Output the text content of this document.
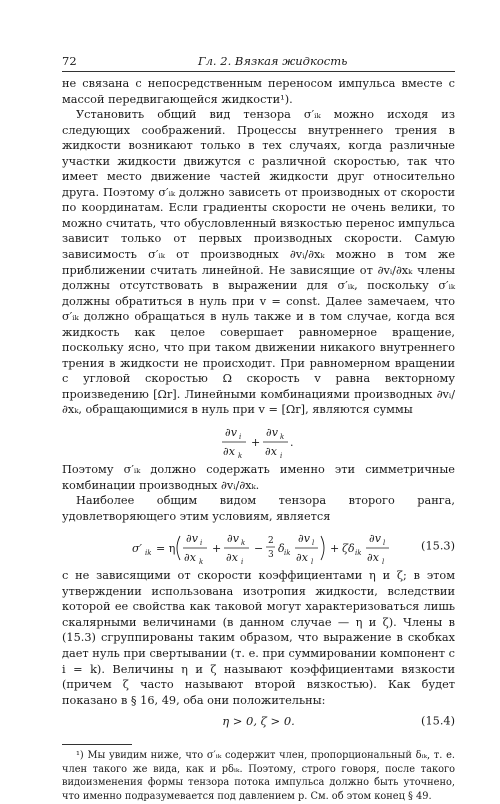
72	Гл. 2. Вязкая жидкость

не связана с непосредственным переносом импульса вместе с массой передвигающейся жидкости¹).

Установить общий вид тензора σ′ᵢₖ можно исходя из следующих соображений. Процессы внутреннего трения в жидкости возникают только в тех случаях, когда различные участки жидкости движутся с различной скоростью, так что имеет место движение частей жидкости друг относительно друга. Поэтому σ′ᵢₖ должно зависеть от производных от скорости по координатам. Если градиенты скорости не очень велики, то можно считать, что обусловленный вязкостью перенос импульса зависит только от первых производных скорости. Самую зависимость σ′ᵢₖ от производных ∂vᵢ/∂xₖ можно в том же приближении считать линейной. Не зависящие от ∂vᵢ/∂xₖ члены должны отсутствовать в выражении для σ′ᵢₖ, поскольку σ′ᵢₖ должны обратиться в нуль при v = const. Далее замечаем, что σ′ᵢₖ должно обращаться в нуль также и в том случае, когда вся жидкость как целое совершает равномерное вращение, поскольку ясно, что при таком движении никакого внутреннего трения в жидкости не происходит. При равномерном вращении с угловой скоростью Ω скорость v равна векторному произведению [Ωr]. Линейными комбинациями производных ∂vᵢ/∂xₖ, обращающимися в нуль при v = [Ωr], являются суммы

∂v i
∂x k
+
∂v k
∂x i
.

Поэтому σ′ᵢₖ должно содержать именно эти симметричные комбинации производных ∂vᵢ/∂xₖ.

Наиболее общим видом тензора второго ранга, удовлетворяющего этим условиям, является

σ′ ik = η
∂v i
∂x k
+
∂v k
∂x i
−
2
3 δ ik
∂v l
∂x l
+ ζδ ik
∂v l
∂x l
(15.3)

с не зависящими от скорости коэффициентами η и ζ; в этом утверждении использована изотропия жидкости, вследствии которой ее свойства как таковой могут характеризоваться лишь скалярными величинами (в данном случае — η и ζ). Члены в (15.3) сгруппированы таким образом, что выражение в скобках дает нуль при свертывании (т. е. при суммировании компонент с i = k). Величины η и ζ называют коэффициентами вязкости (причем ζ часто называют второй вязкостью). Как будет показано в § 16, 49, оба они положительны:

η > 0, ζ > 0.	(15.4)

¹) Мы увидим ниже, что σ′ᵢₖ содержит член, пропорциональный δᵢₖ, т. е. член такого же вида, как и pδᵢₖ. Поэтому, строго говоря, после такого видоизменения формы тензора потока импульса должно быть уточнено, что именно подразумевается под давлением p. См. об этом конец § 49.
